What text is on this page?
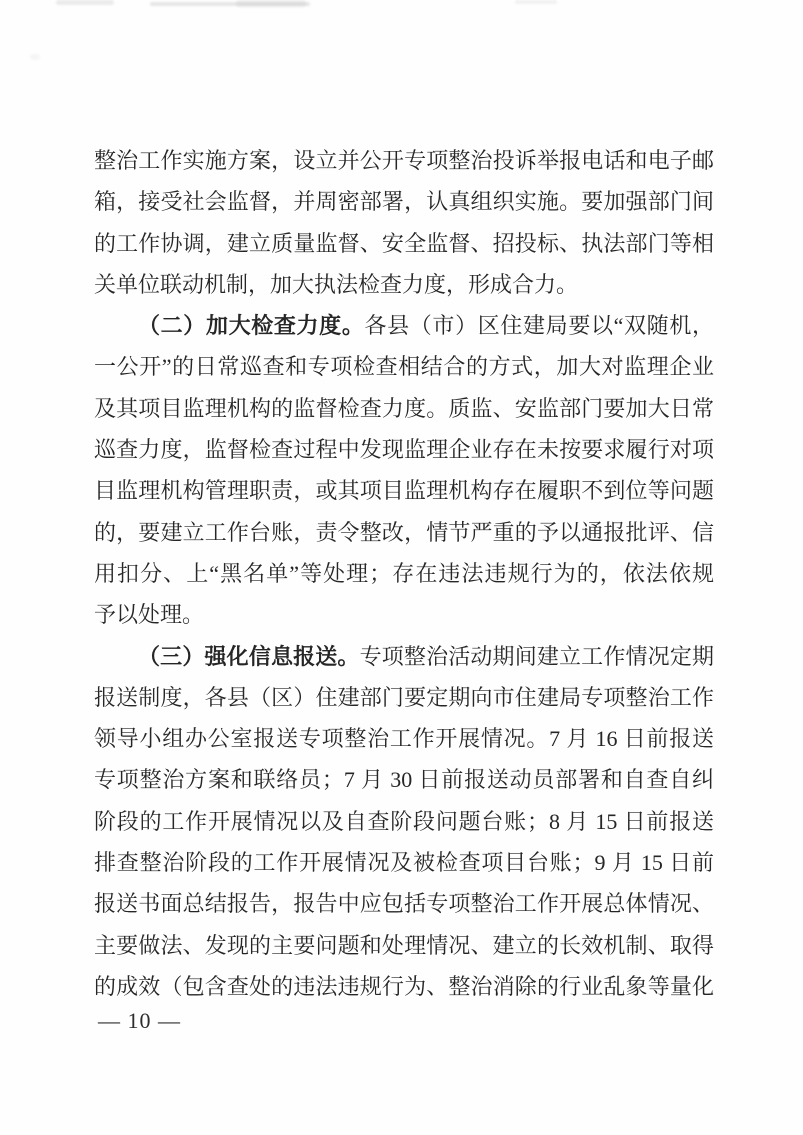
整治工作实施方案，设立并公开专项整治投诉举报电话和电子邮
箱，接受社会监督，并周密部署，认真组织实施。要加强部门间
的工作协调，建立质量监督、安全监督、招投标、执法部门等相
关单位联动机制，加大执法检查力度，形成合力。
（二）加大检查力度。各县（市）区住建局要以“双随机，
一公开”的日常巡查和专项检查相结合的方式，加大对监理企业
及其项目监理机构的监督检查力度。质监、安监部门要加大日常
巡查力度，监督检查过程中发现监理企业存在未按要求履行对项
目监理机构管理职责，或其项目监理机构存在履职不到位等问题
的，要建立工作台账，责令整改，情节严重的予以通报批评、信
用扣分、上“黑名单”等处理；存在违法违规行为的，依法依规
予以处理。
（三）强化信息报送。专项整治活动期间建立工作情况定期
报送制度，各县（区）住建部门要定期向市住建局专项整治工作
领导小组办公室报送专项整治工作开展情况。7 月 16 日前报送
专项整治方案和联络员；7 月 30 日前报送动员部署和自查自纠
阶段的工作开展情况以及自查阶段问题台账；8 月 15 日前报送
排查整治阶段的工作开展情况及被检查项目台账；9 月 15 日前
报送书面总结报告，报告中应包括专项整治工作开展总体情况、
主要做法、发现的主要问题和处理情况、建立的长效机制、取得
的成效（包含查处的违法违规行为、整治消除的行业乱象等量化
— 10 —
